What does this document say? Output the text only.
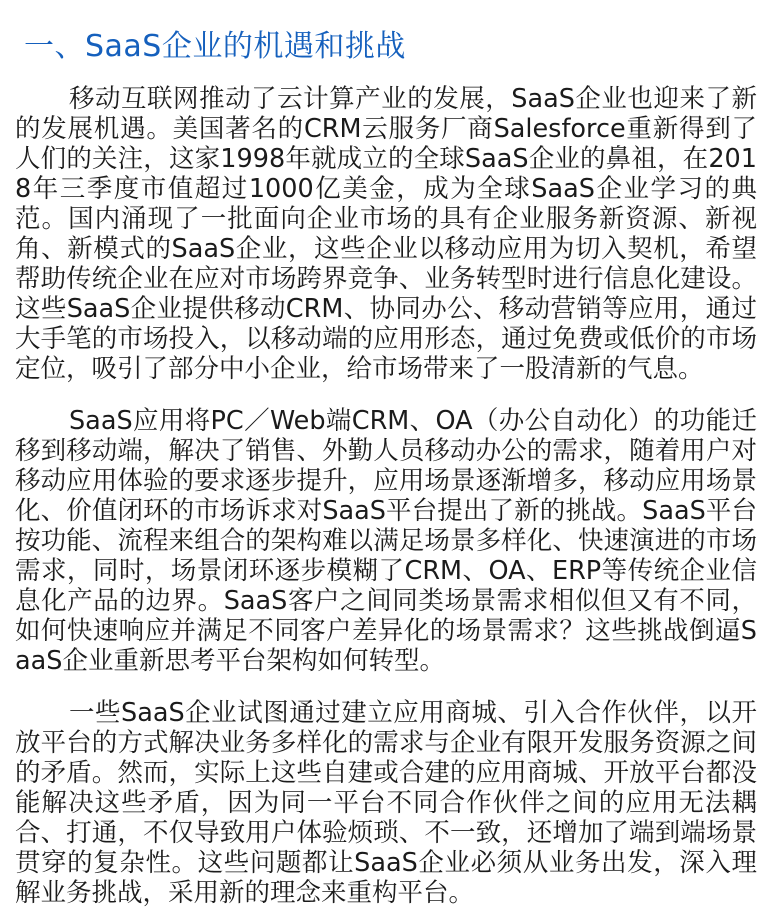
一、SaaS企业的机遇和挑战

移动互联网推动了云计算产业的发展，SaaS企业也迎来了新的发展机遇。美国著名的CRM云服务厂商Salesforce重新得到了人们的关注，这家1998年就成立的全球SaaS企业的鼻祖，在2018年三季度市值超过1000亿美金，成为全球SaaS企业学习的典范。国内涌现了一批面向企业市场的具有企业服务新资源、新视角、新模式的SaaS企业，这些企业以移动应用为切入契机，希望帮助传统企业在应对市场跨界竞争、业务转型时进行信息化建设。这些SaaS企业提供移动CRM、协同办公、移动营销等应用，通过大手笔的市场投入，以移动端的应用形态，通过免费或低价的市场定位，吸引了部分中小企业，给市场带来了一股清新的气息。

SaaS应用将PC／Web端CRM、OA（办公自动化）的功能迁移到移动端，解决了销售、外勤人员移动办公的需求，随着用户对移动应用体验的要求逐步提升，应用场景逐渐增多，移动应用场景化、价值闭环的市场诉求对SaaS平台提出了新的挑战。SaaS平台按功能、流程来组合的架构难以满足场景多样化、快速演进的市场需求，同时，场景闭环逐步模糊了CRM、OA、ERP等传统企业信息化产品的边界。SaaS客户之间同类场景需求相似但又有不同，如何快速响应并满足不同客户差异化的场景需求？这些挑战倒逼SaaS企业重新思考平台架构如何转型。

一些SaaS企业试图通过建立应用商城、引入合作伙伴，以开放平台的方式解决业务多样化的需求与企业有限开发服务资源之间的矛盾。然而，实际上这些自建或合建的应用商城、开放平台都没能解决这些矛盾，因为同一平台不同合作伙伴之间的应用无法耦合、打通，不仅导致用户体验烦琐、不一致，还增加了端到端场景贯穿的复杂性。这些问题都让SaaS企业必须从业务出发，深入理解业务挑战，采用新的理念来重构平台。
